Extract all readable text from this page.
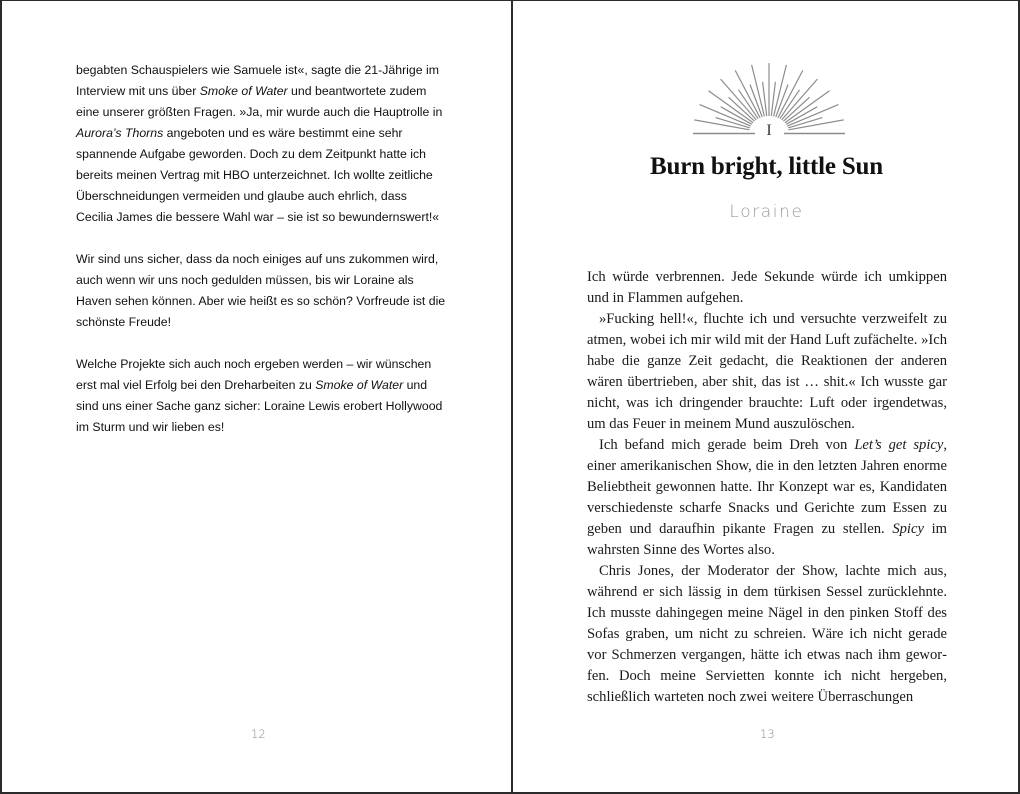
begabten Schauspielers wie Samuele ist«, sagte die 21-Jährige im Interview mit uns über Smoke of Water und beantwortete zudem eine unserer größten Fragen. »Ja, mir wurde auch die Hauptrolle in Aurora’s Thorns angeboten und es wäre bestimmt eine sehr spannende Aufgabe geworden. Doch zu dem Zeitpunkt hatte ich bereits meinen Vertrag mit HBO unterzeichnet. Ich wollte zeitliche Überschneidungen vermeiden und glaube auch ehrlich, dass Cecilia James die bessere Wahl war – sie ist so bewundernswert!«

Wir sind uns sicher, dass da noch einiges auf uns zukommen wird, auch wenn wir uns noch gedulden müssen, bis wir Loraine als Haven sehen können. Aber wie heißt es so schön? Vorfreude ist die schönste Freude!

Welche Projekte sich auch noch ergeben werden – wir wünschen erst mal viel Erfolg bei den Dreharbeiten zu Smoke of Water und sind uns einer Sache ganz sicher: Loraine Lewis erobert Hollywood im Sturm und wir lieben es!

12
I
Burn bright, little Sun
Loraine

Ich würde verbrennen. Jede Sekunde würde ich umkippen und in Flammen aufgehen.

»Fucking hell!«, fluchte ich und versuchte verzweifelt zu atmen, wobei ich mir wild mit der Hand Luft zufächelte. »Ich habe die ganze Zeit gedacht, die Reaktionen der anderen wären übertrieben, aber shit, das ist … shit.« Ich wusste gar nicht, was ich dringender brauchte: Luft oder irgendetwas, um das Feuer in meinem Mund auszulöschen.

Ich befand mich gerade beim Dreh von Let’s get spicy, einer amerikanischen Show, die in den letzten Jahren enorme Beliebtheit gewonnen hatte. Ihr Konzept war es, Kandidaten verschiedenste scharfe Snacks und Gerichte zum Essen zu geben und daraufhin pikante Fragen zu stellen. Spicy im wahrsten Sinne des Wortes also.

Chris Jones, der Moderator der Show, lachte mich aus, während er sich lässig in dem türkisen Sessel zurücklehnte. Ich musste dahingegen meine Nägel in den pinken Stoff des Sofas graben, um nicht zu schreien. Wäre ich nicht gerade vor Schmerzen vergangen, hätte ich etwas nach ihm geworfen. Doch meine Servietten konnte ich nicht hergeben, schließlich warteten noch zwei weitere Überraschungen

13
